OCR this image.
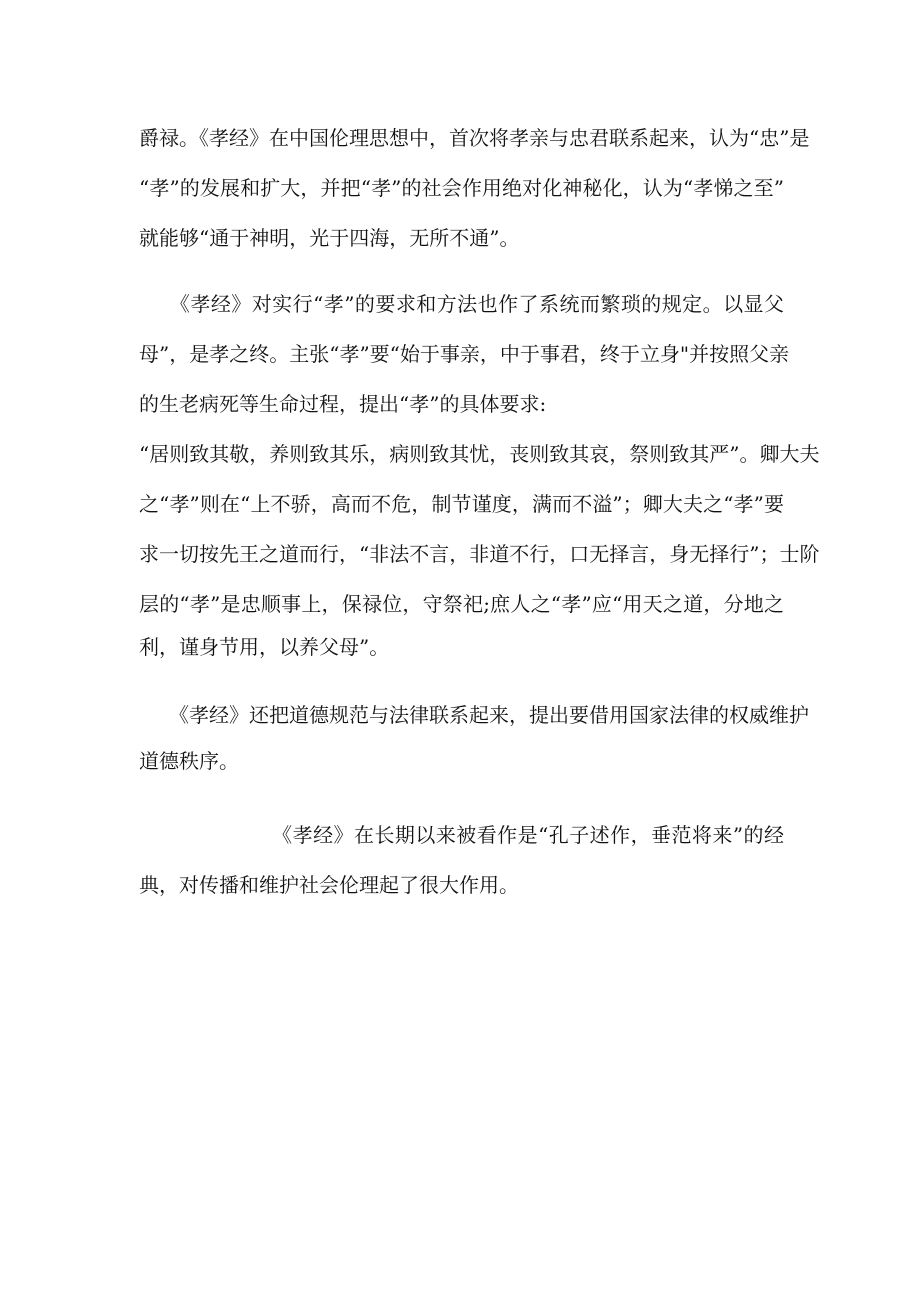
爵禄。《孝经》在中国伦理思想中，首次将孝亲与忠君联系起来，认为“忠”是
“孝”的发展和扩大，并把“孝”的社会作用绝对化神秘化，认为“孝悌之至”
就能够“通于神明，光于四海，无所不通”。
　　《孝经》对实行“孝”的要求和方法也作了系统而繁琐的规定。以显父
母”，是孝之终。主张“孝”要“始于事亲，中于事君，终于立身"并按照父亲
的生老病死等生命过程，提出“孝”的具体要求:
“居则致其敬，养则致其乐，病则致其忧，丧则致其哀，祭则致其严”。卿大夫
之“孝”则在“上不骄，高而不危，制节谨度，满而不溢”；卿大夫之“孝”要
求一切按先王之道而行，“非法不言，非道不行，口无择言，身无择行”；士阶
层的“孝”是忠顺事上，保禄位，守祭祀;庶人之“孝”应“用天之道，分地之
利，谨身节用，以养父母”。
　　《孝经》还把道德规范与法律联系起来，提出要借用国家法律的权威维护
道德秩序。
　　　　　　　《孝经》在长期以来被看作是“孔子述作，垂范将来”的经
典，对传播和维护社会伦理起了很大作用。
